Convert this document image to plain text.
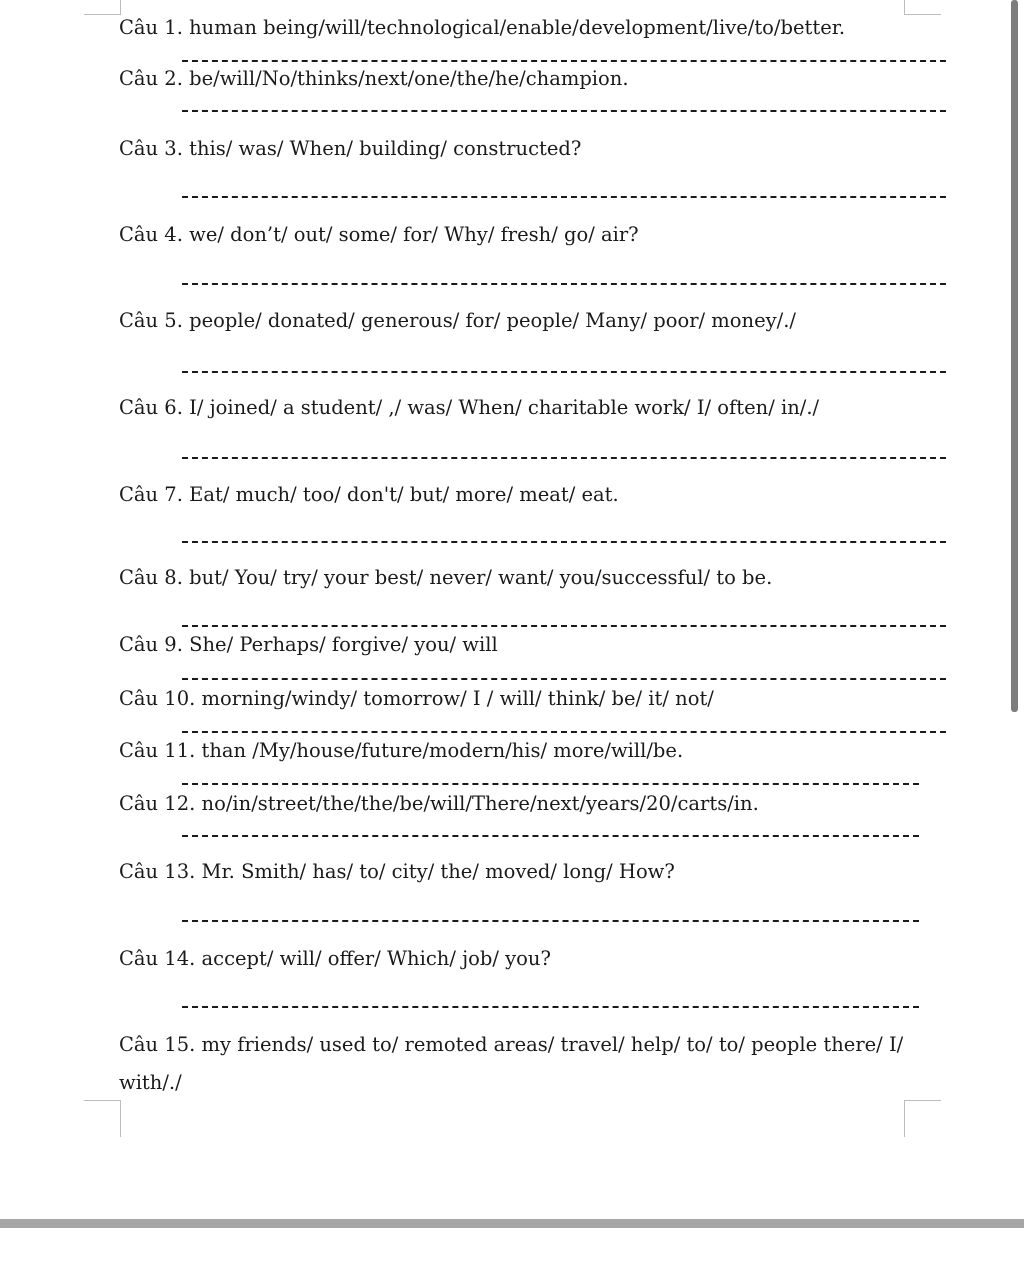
Câu 1. human being/will/technological/enable/development/live/to/better.
Câu 2. be/will/No/thinks/next/one/the/he/champion.
Câu 3. this/ was/ When/ building/ constructed?
Câu 4. we/ don’t/ out/ some/ for/ Why/ fresh/ go/ air?
Câu 5. people/ donated/ generous/ for/ people/ Many/ poor/ money/./
Câu 6. I/ joined/ a student/ ,/ was/ When/ charitable work/ I/ often/ in/./
Câu 7. Eat/ much/ too/ don't/ but/ more/ meat/ eat.
Câu 8. but/ You/ try/ your best/ never/ want/ you/successful/ to be.
Câu 9. She/ Perhaps/ forgive/ you/ will
Câu 10. morning/windy/ tomorrow/ I / will/ think/ be/ it/ not/
Câu 11. than /My/house/future/modern/his/ more/will/be.
Câu 12. no/in/street/the/the/be/will/There/next/years/20/carts/in.
Câu 13. Mr. Smith/ has/ to/ city/ the/ moved/ long/ How?
Câu 14. accept/ will/ offer/ Which/ job/ you?
Câu 15. my friends/ used to/ remoted areas/ travel/ help/ to/ to/ people there/ I/ with/./
